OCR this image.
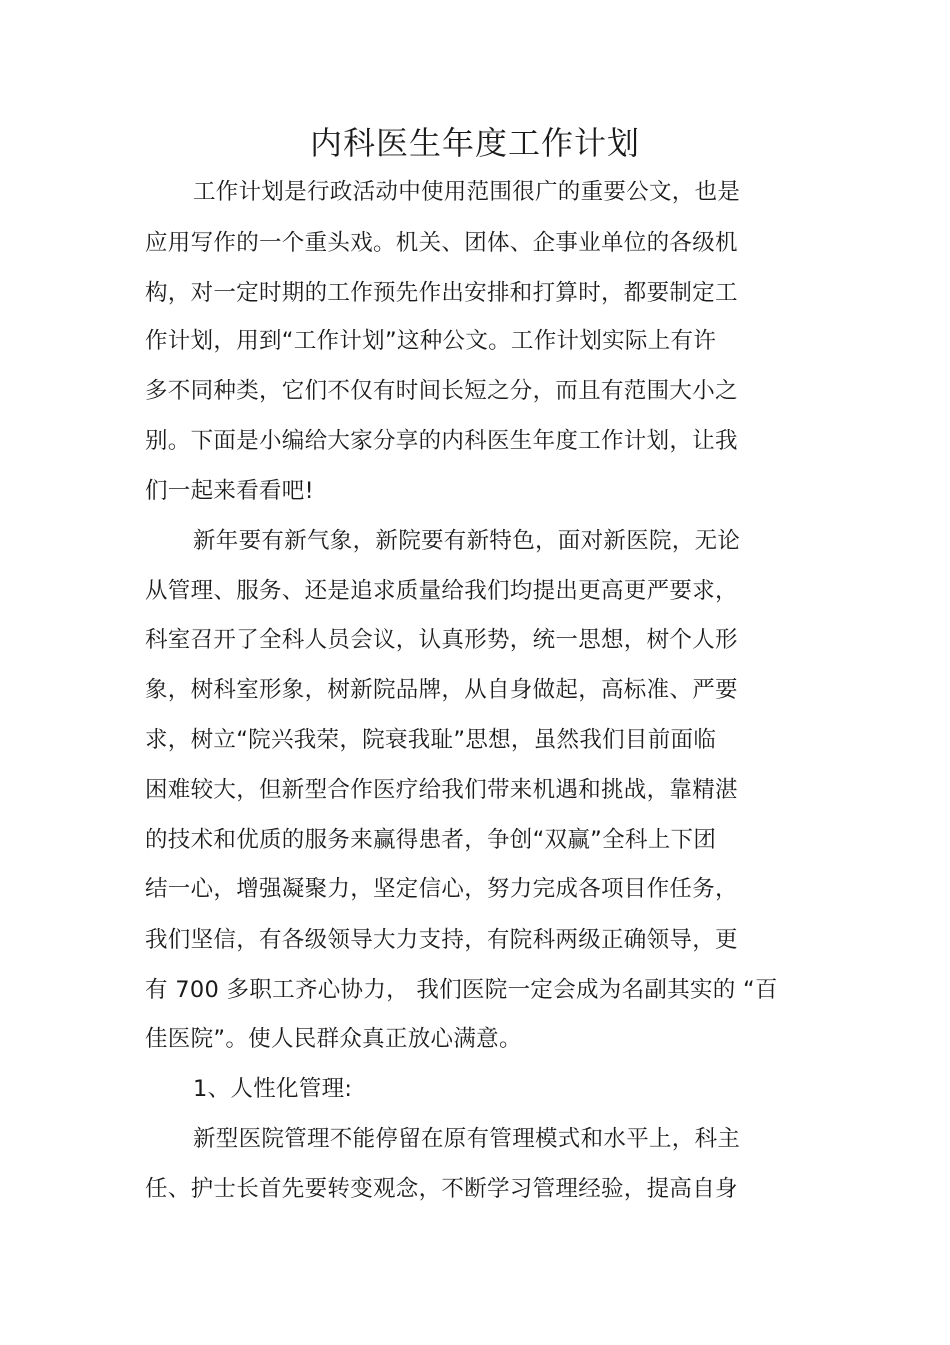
内科医生年度工作计划
工作计划是行政活动中使用范围很广的重要公文，也是
应用写作的一个重头戏。机关、团体、企事业单位的各级机
构，对一定时期的工作预先作出安排和打算时，都要制定工
作计划，用到“工作计划”这种公文。工作计划实际上有许
多不同种类，它们不仅有时间长短之分，而且有范围大小之
别。下面是小编给大家分享的内科医生年度工作计划，让我
们一起来看看吧!
新年要有新气象，新院要有新特色，面对新医院，无论
从管理、服务、还是追求质量给我们均提出更高更严要求，
科室召开了全科人员会议，认真形势，统一思想，树个人形
象，树科室形象，树新院品牌，从自身做起，高标准、严要
求，树立“院兴我荣，院衰我耻”思想，虽然我们目前面临
困难较大，但新型合作医疗给我们带来机遇和挑战，靠精湛
的技术和优质的服务来赢得患者，争创“双赢”全科上下团
结一心，增强凝聚力，坚定信心，努力完成各项目作任务，
我们坚信，有各级领导大力支持，有院科两级正确领导，更
有 700 多职工齐心协力， 我们医院一定会成为名副其实的 “百
佳医院”。使人民群众真正放心满意。
1、人性化管理:
新型医院管理不能停留在原有管理模式和水平上，科主
任、护士长首先要转变观念，不断学习管理经验，提高自身
